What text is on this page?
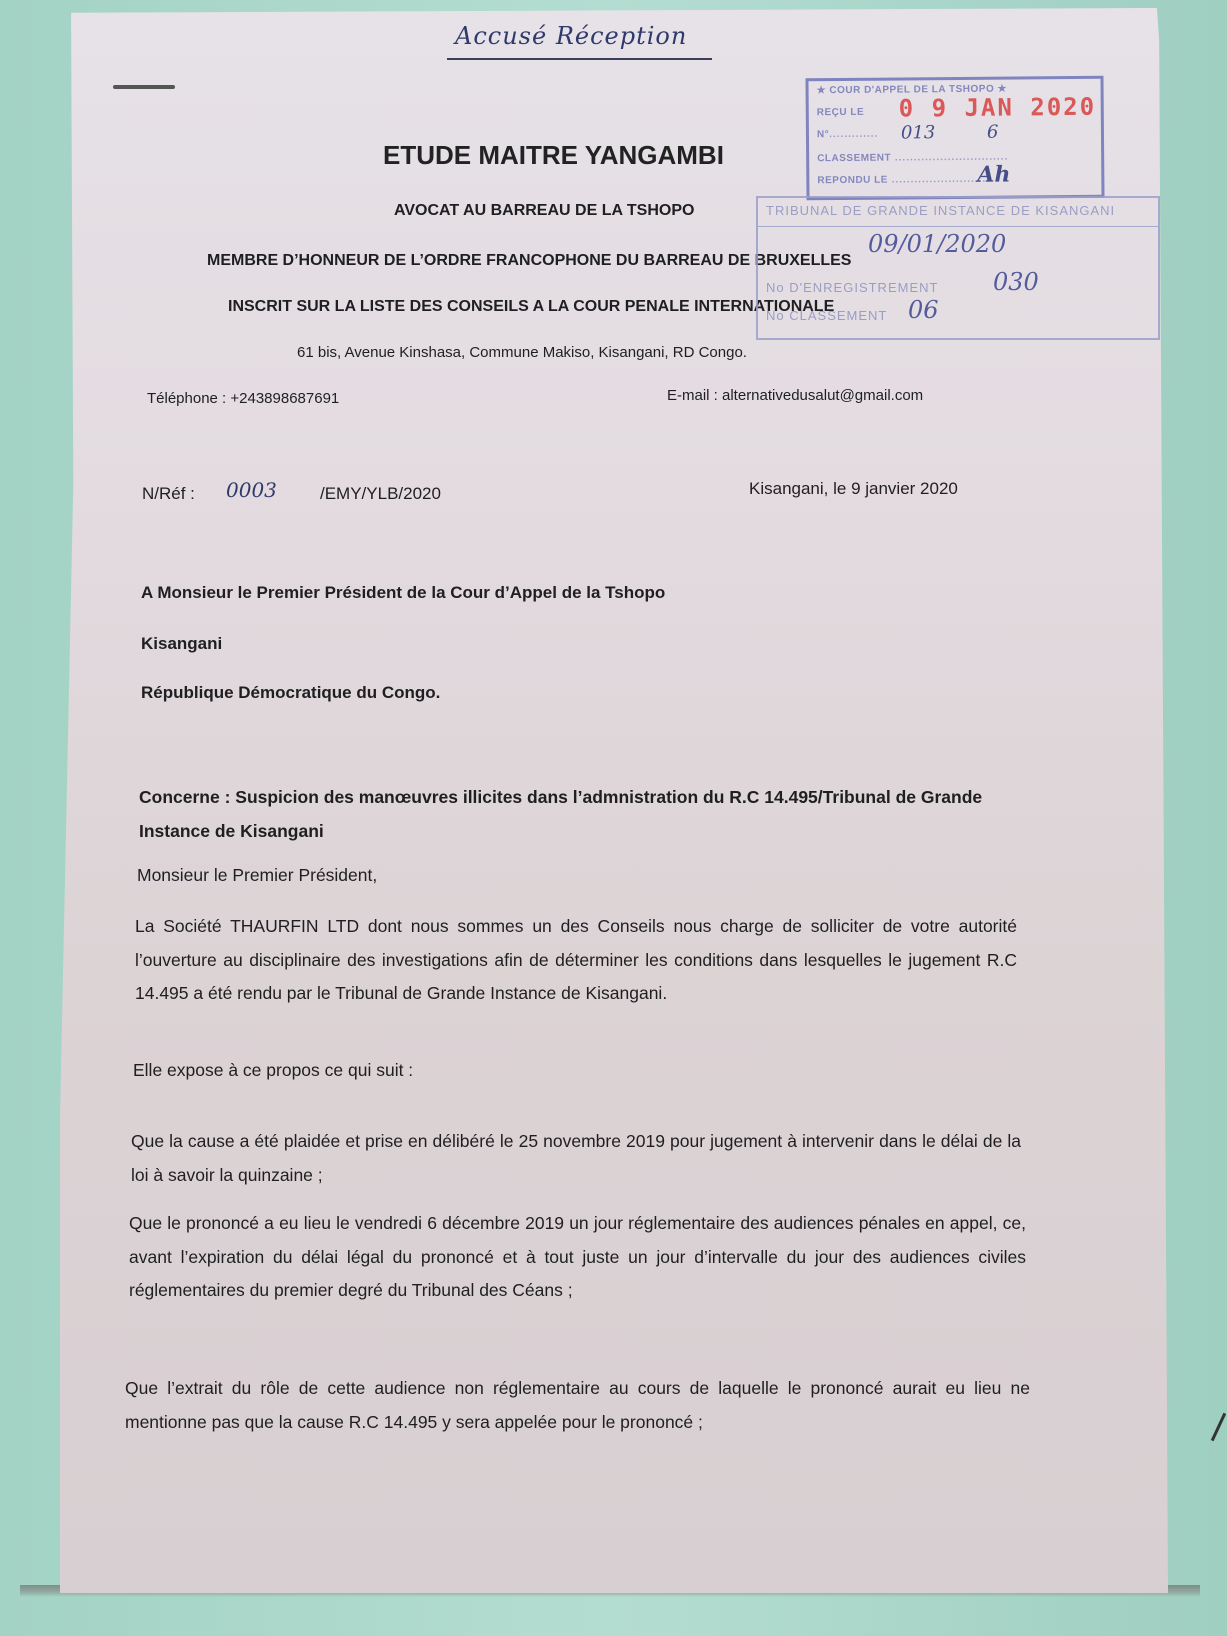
Accusé Réception
ETUDE MAITRE YANGAMBI
AVOCAT AU BARREAU DE LA TSHOPO
MEMBRE D’HONNEUR DE L’ORDRE FRANCOPHONE DU BARREAU DE BRUXELLES
INSCRIT SUR LA LISTE DES CONSEILS A LA COUR PENALE INTERNATIONALE
61 bis, Avenue Kinshasa, Commune Makiso, Kisangani, RD Congo.
Téléphone : +243898687691	E-mail : alternativedusalut@gmail.com
★ COUR D'APPEL DE LA TSHOPO ★
REÇU LE 0 9 JAN 2020
N°............. 013	6
CLASSEMENT ..............................
REPONDU LE ..........................
Ah
TRIBUNAL DE GRANDE INSTANCE DE KISANGANI
09/01/2020
No D'ENREGISTREMENT 030
No CLASSEMENT 06
N/Réf : 0003	/EMY/YLB/2020	Kisangani, le 9 janvier 2020
A Monsieur le Premier Président de la Cour d’Appel de la Tshopo
Kisangani
République Démocratique du Congo.
Concerne : Suspicion des manœuvres illicites dans l’admnistration du R.C 14.495/Tribunal de Grande Instance de Kisangani
Monsieur le Premier Président,
La Société THAURFIN LTD dont nous sommes un des Conseils nous charge de solliciter de votre autorité l’ouverture au disciplinaire des investigations afin de déterminer les conditions dans lesquelles le jugement R.C 14.495 a été rendu par le Tribunal de Grande Instance de Kisangani.
Elle expose à ce propos ce qui suit :
Que la cause a été plaidée et prise en délibéré le 25 novembre 2019 pour jugement à intervenir dans le délai de la loi à savoir la quinzaine ;
Que le prononcé a eu lieu le vendredi 6 décembre 2019 un jour réglementaire des audiences pénales en appel, ce, avant l’expiration du délai légal du prononcé et à tout juste un jour d’intervalle du jour des audiences civiles réglementaires du premier degré du Tribunal des Céans ;
Que l’extrait du rôle de cette audience non réglementaire au cours de laquelle le prononcé aurait eu lieu ne mentionne pas que la cause R.C 14.495 y sera appelée pour le prononcé ;
